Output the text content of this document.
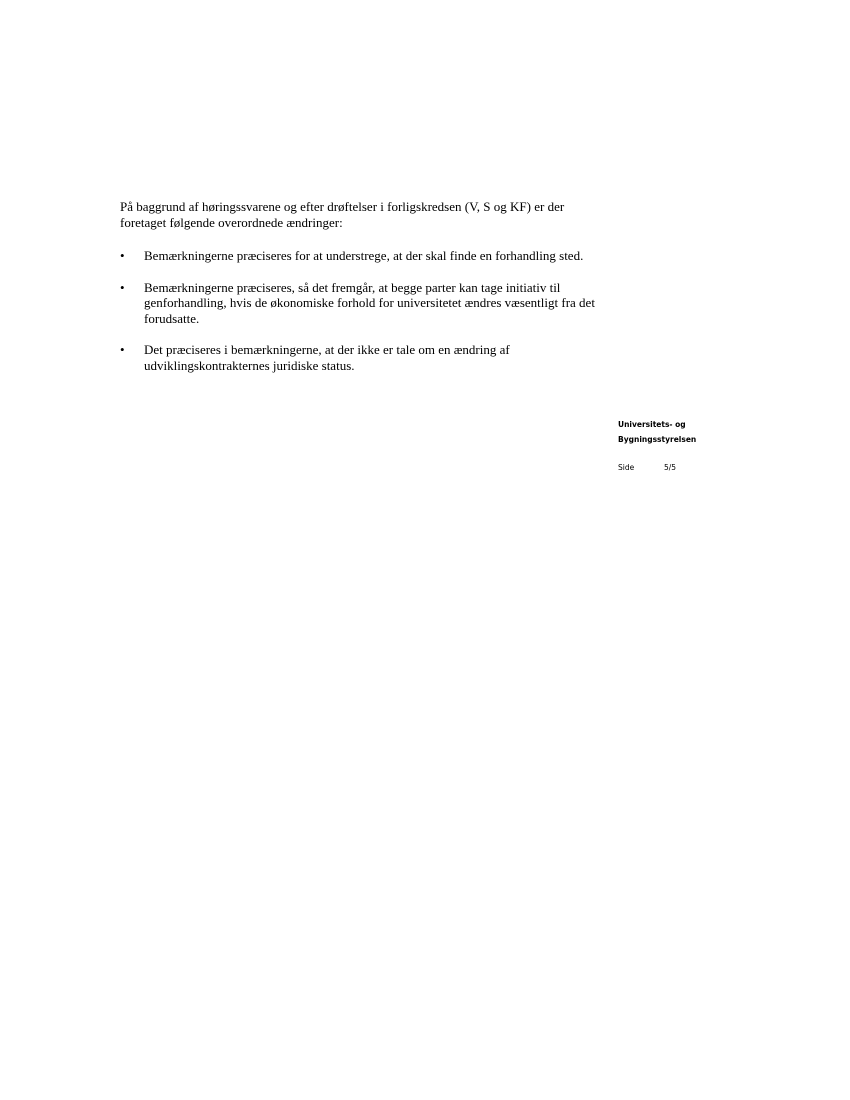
På baggrund af høringssvarene og efter drøftelser i forligskredsen (V, S og KF) er der foretaget følgende overordnede ændringer:

•	Bemærkningerne præciseres for at understrege, at der skal finde en forhandling sted.
•	Bemærkningerne præciseres, så det fremgår, at begge parter kan tage initiativ til genforhandling, hvis de økonomiske forhold for universitetet ændres væsentligt fra det forudsatte.
•	Det præciseres i bemærkningerne, at der ikke er tale om en ændring af udviklingskontrakternes juridiske status.
Universitets- og
Bygningsstyrelsen
Side	5/5
